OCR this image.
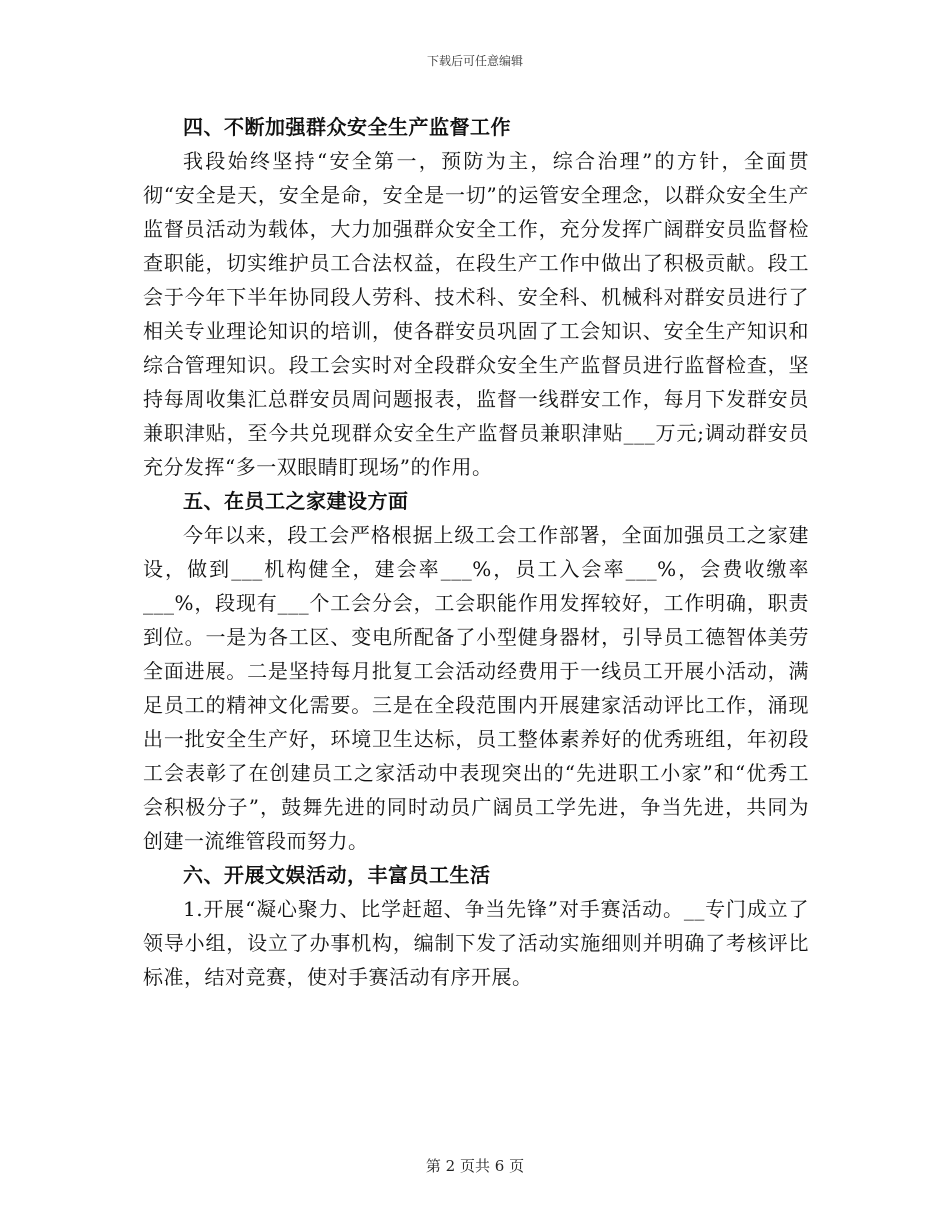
下载后可任意编辑

四、不断加强群众安全生产监督工作

我段始终坚持“安全第一，预防为主，综合治理”的方针，全面贯彻“安全是天，安全是命，安全是一切”的运管安全理念，以群众安全生产监督员活动为载体，大力加强群众安全工作，充分发挥广阔群安员监督检查职能，切实维护员工合法权益，在段生产工作中做出了积极贡献。段工会于今年下半年协同段人劳科、技术科、安全科、机械科对群安员进行了相关专业理论知识的培训，使各群安员巩固了工会知识、安全生产知识和综合管理知识。段工会实时对全段群众安全生产监督员进行监督检查，坚持每周收集汇总群安员周问题报表，监督一线群安工作，每月下发群安员兼职津贴，至今共兑现群众安全生产监督员兼职津贴___万元;调动群安员充分发挥“多一双眼睛盯现场”的作用。

五、在员工之家建设方面

今年以来，段工会严格根据上级工会工作部署，全面加强员工之家建设，做到___机构健全，建会率___%，员工入会率___%，会费收缴率___%，段现有___个工会分会，工会职能作用发挥较好，工作明确，职责到位。一是为各工区、变电所配备了小型健身器材，引导员工德智体美劳全面进展。二是坚持每月批复工会活动经费用于一线员工开展小活动，满足员工的精神文化需要。三是在全段范围内开展建家活动评比工作，涌现出一批安全生产好，环境卫生达标，员工整体素养好的优秀班组，年初段工会表彰了在创建员工之家活动中表现突出的“先进职工小家”和“优秀工会积极分子”，鼓舞先进的同时动员广阔员工学先进，争当先进，共同为创建一流维管段而努力。

六、开展文娱活动，丰富员工生活

1.开展“凝心聚力、比学赶超、争当先锋”对手赛活动。__专门成立了领导小组，设立了办事机构，编制下发了活动实施细则并明确了考核评比标准，结对竞赛，使对手赛活动有序开展。

第 2 页共 6 页
